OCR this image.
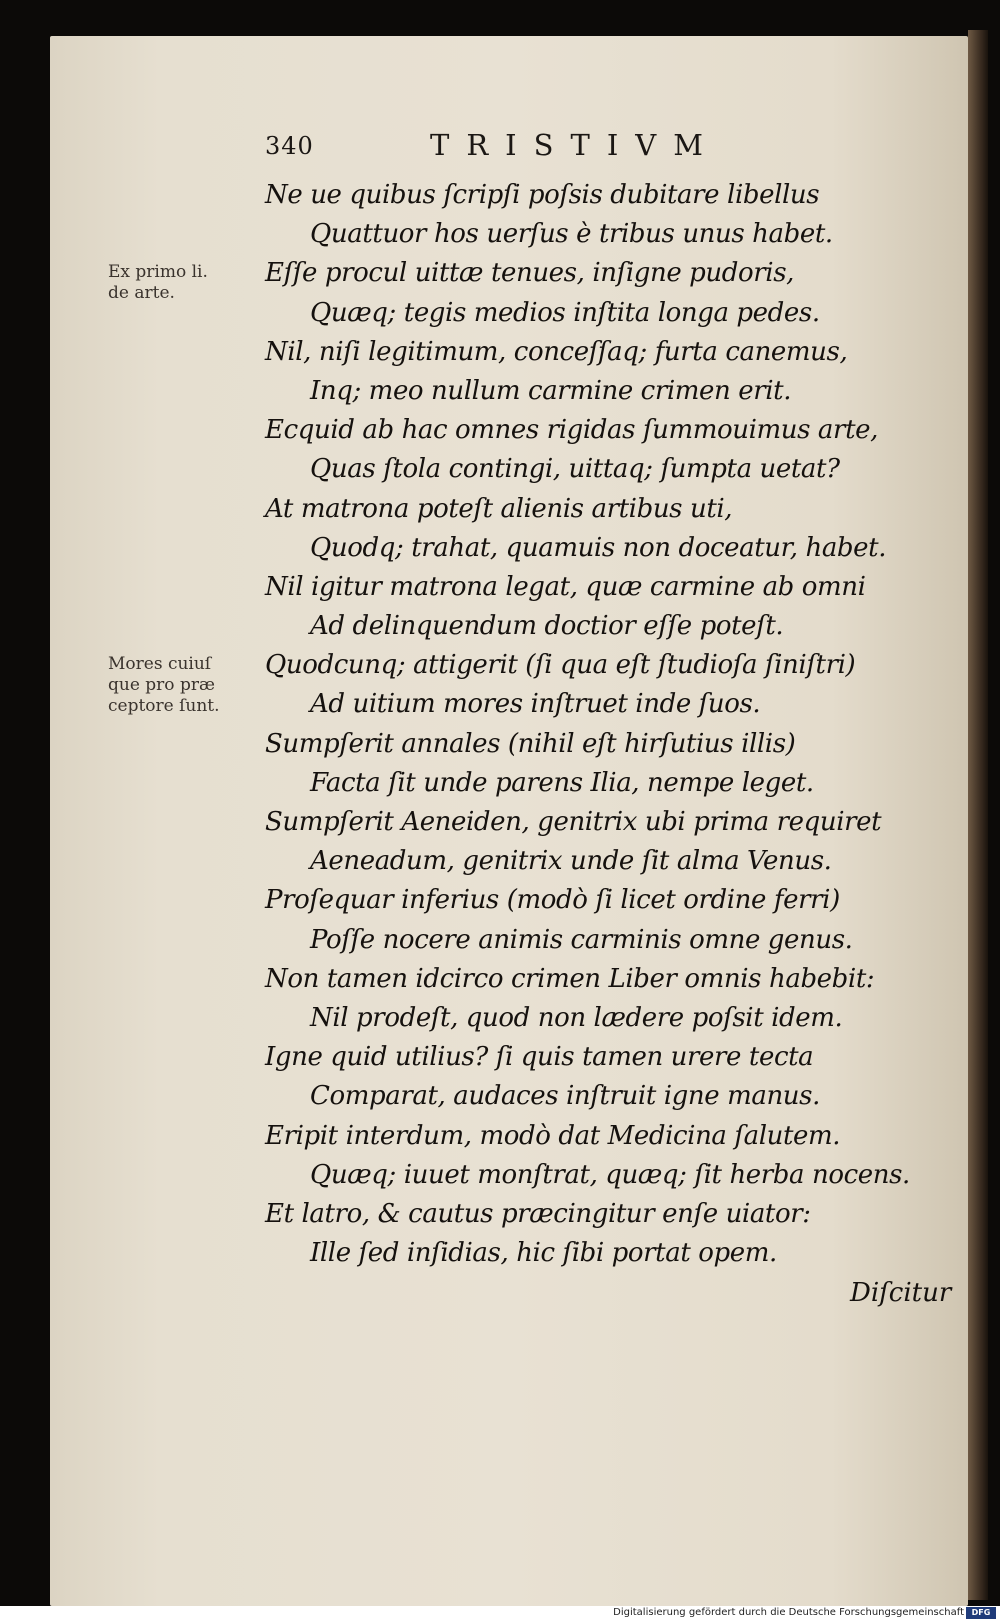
340	TRISTIVM
Ne ue quibus ſcripſi poſsis dubitare libellus
Quattuor hos uerſus è tribus unus habet.
Eſſe procul uittæ tenues, inſigne pudoris,
Quæq; tegis medios inſtita longa pedes.
Nil, niſi legitimum, conceſſaq; furta canemus,
Inq; meo nullum carmine crimen erit.
Ecquid ab hac omnes rigidas ſummouimus arte,
Quas ſtola contingi, uittaq; ſumpta uetat?
At matrona poteſt alienis artibus uti,
Quodq; trahat, quamuis non doceatur, habet.
Nil igitur matrona legat, quæ carmine ab omni
Ad delinquendum doctior eſſe poteſt.
Quodcunq; attigerit (ſi qua eſt ſtudioſa ſiniſtri)
Ad uitium mores inſtruet inde ſuos.
Sumpſerit annales (nihil eſt hirſutius illis)
Facta ſit unde parens Ilia, nempe leget.
Sumpſerit Aeneiden, genitrix ubi prima requiret
Aeneadum, genitrix unde ſit alma Venus.
Proſequar inferius (modò ſi licet ordine ferri)
Poſſe nocere animis carminis omne genus.
Non tamen idcirco crimen Liber omnis habebit:
Nil prodeſt, quod non lædere poſsit idem.
Igne quid utilius? ſi quis tamen urere tecta
Comparat, audaces inſtruit igne manus.
Eripit interdum, modò dat Medicina ſalutem.
Quæq; iuuet monſtrat, quæq; ſit herba nocens.
Et latro, & cautus præcingitur enſe uiator:
Ille ſed inſidias, hic ſibi portat opem.
Ex primo li.
de arte.
Mores cuiuſ
que pro præ
ceptore ſunt.
Diſcitur
Digitalisierung gefördert durch die Deutsche Forschungsgemeinschaft DFG
